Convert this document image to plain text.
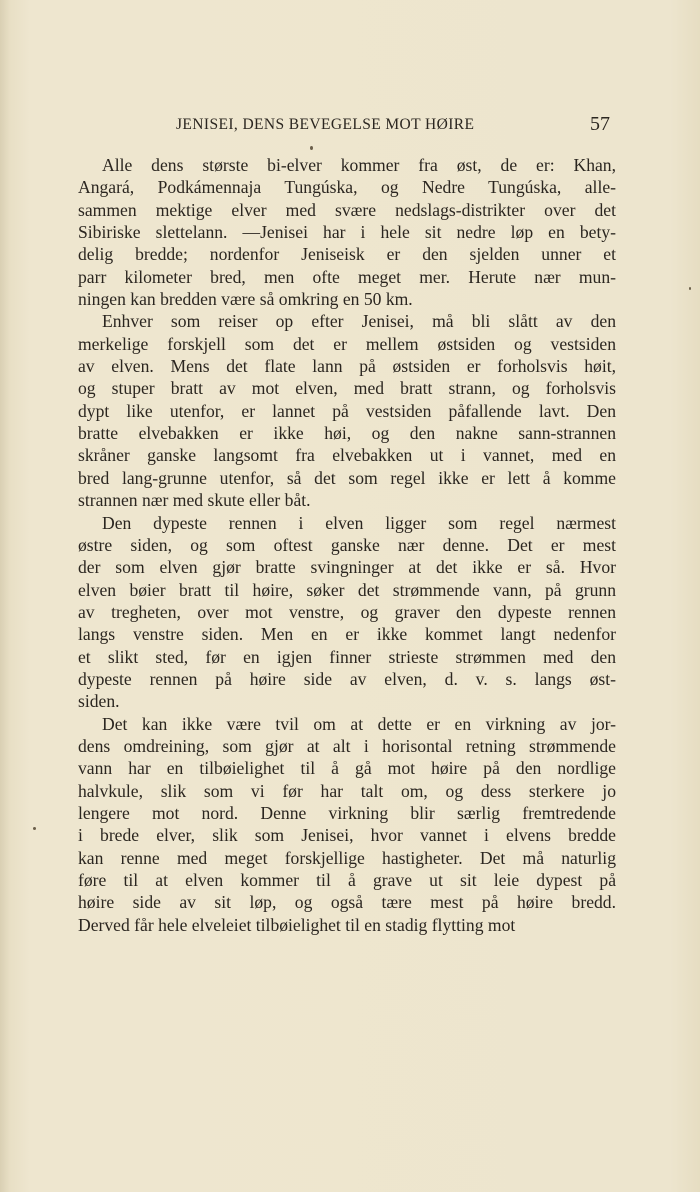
JENISEI, DENS BEVEGELSE MOT HØIRE	57
Alle dens største bi-elver kommer fra øst, de er: Khan,
Angará, Podkámennaja Tungúska, og Nedre Tungúska, alle-
sammen mektige elver med svære nedslags-distrikter over det
Sibiriske slettelann. —Jenisei har i hele sit nedre løp en bety-
delig bredde; nordenfor Jeniseisk er den sjelden unner et
parr kilometer bred, men ofte meget mer. Herute nær mun-
ningen kan bredden være så omkring en 50 km.
Enhver som reiser op efter Jenisei, må bli slått av den
merkelige forskjell som det er mellem østsiden og vestsiden
av elven. Mens det flate lann på østsiden er forholsvis høit,
og stuper bratt av mot elven, med bratt strann, og forholsvis
dypt like utenfor, er lannet på vestsiden påfallende lavt. Den
bratte elvebakken er ikke høi, og den nakne sann-strannen
skråner ganske langsomt fra elvebakken ut i vannet, med en
bred lang-grunne utenfor, så det som regel ikke er lett å komme
strannen nær med skute eller båt.
Den dypeste rennen i elven ligger som regel nærmest
østre siden, og som oftest ganske nær denne. Det er mest
der som elven gjør bratte svingninger at det ikke er så. Hvor
elven bøier bratt til høire, søker det strømmende vann, på grunn
av tregheten, over mot venstre, og graver den dypeste rennen
langs venstre siden. Men en er ikke kommet langt nedenfor
et slikt sted, før en igjen finner strieste strømmen med den
dypeste rennen på høire side av elven, d. v. s. langs øst-
siden.
Det kan ikke være tvil om at dette er en virkning av jor-
dens omdreining, som gjør at alt i horisontal retning strømmende
vann har en tilbøielighet til å gå mot høire på den nordlige
halvkule, slik som vi før har talt om, og dess sterkere jo
lengere mot nord. Denne virkning blir særlig fremtredende
i brede elver, slik som Jenisei, hvor vannet i elvens bredde
kan renne med meget forskjellige hastigheter. Det må naturlig
føre til at elven kommer til å grave ut sit leie dypest på
høire side av sit løp, og også tære mest på høire bredd.
Derved får hele elveleiet tilbøielighet til en stadig flytting mot
